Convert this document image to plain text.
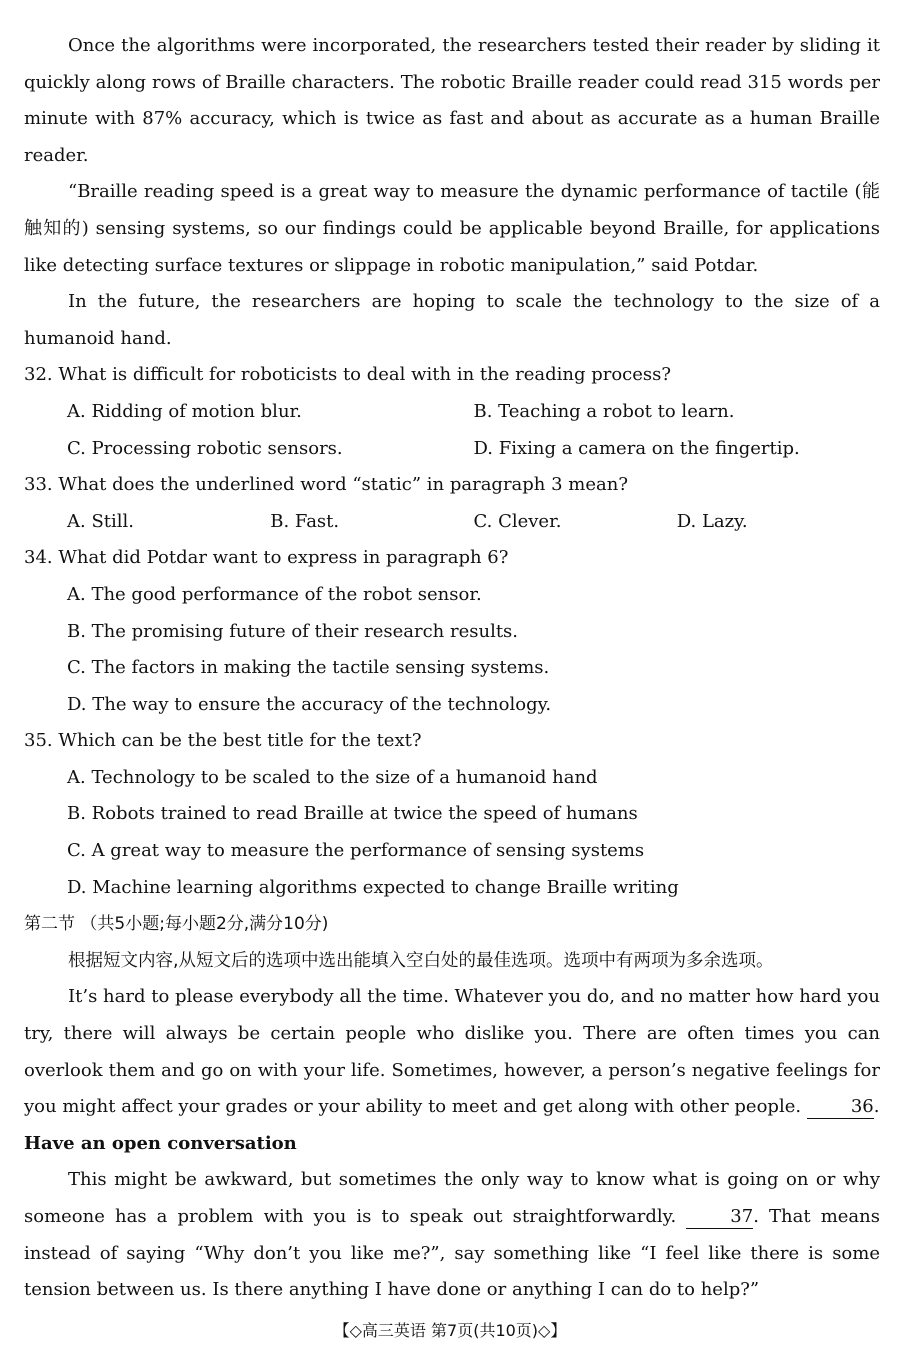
Once the algorithms were incorporated, the researchers tested their reader by sliding it quickly along rows of Braille characters. The robotic Braille reader could read 315 words per minute with 87% accuracy, which is twice as fast and about as accurate as a human Braille reader.

“Braille reading speed is a great way to measure the dynamic performance of tactile (能触知的) sensing systems, so our findings could be applicable beyond Braille, for applications like detecting surface textures or slippage in robotic manipulation,” said Potdar.

In the future, the researchers are hoping to scale the technology to the size of a humanoid hand.

32. What is difficult for roboticists to deal with in the reading process?

A. Ridding of motion blur.	B. Teaching a robot to learn.
C. Processing robotic sensors.	D. Fixing a camera on the fingertip.

33. What does the underlined word “static” in paragraph 3 mean?

A. Still.	B. Fast.	C. Clever.	D. Lazy.

34. What did Potdar want to express in paragraph 6?

A. The good performance of the robot sensor.

B. The promising future of their research results.

C. The factors in making the tactile sensing systems.

D. The way to ensure the accuracy of the technology.

35. Which can be the best title for the text?

A. Technology to be scaled to the size of a humanoid hand

B. Robots trained to read Braille at twice the speed of humans

C. A great way to measure the performance of sensing systems

D. Machine learning algorithms expected to change Braille writing

第二节 （共5小题;每小题2分,满分10分)

根据短文内容,从短文后的选项中选出能填入空白处的最佳选项。选项中有两项为多余选项。

It’s hard to please everybody all the time. Whatever you do, and no matter how hard you try, there will always be certain people who dislike you. There are often times you can overlook them and go on with your life. Sometimes, however, a person’s negative feelings for you might affect your grades or your ability to meet and get along with other people.	36.

Have an open conversation

This might be awkward, but sometimes the only way to know what is going on or why someone has a problem with you is to speak out straightforwardly.	37. That means instead of saying “Why don’t you like me?”, say something like “I feel like there is some tension between us. Is there anything I have done or anything I can do to help?”

【◇高三英语 第7页(共10页)◇】
